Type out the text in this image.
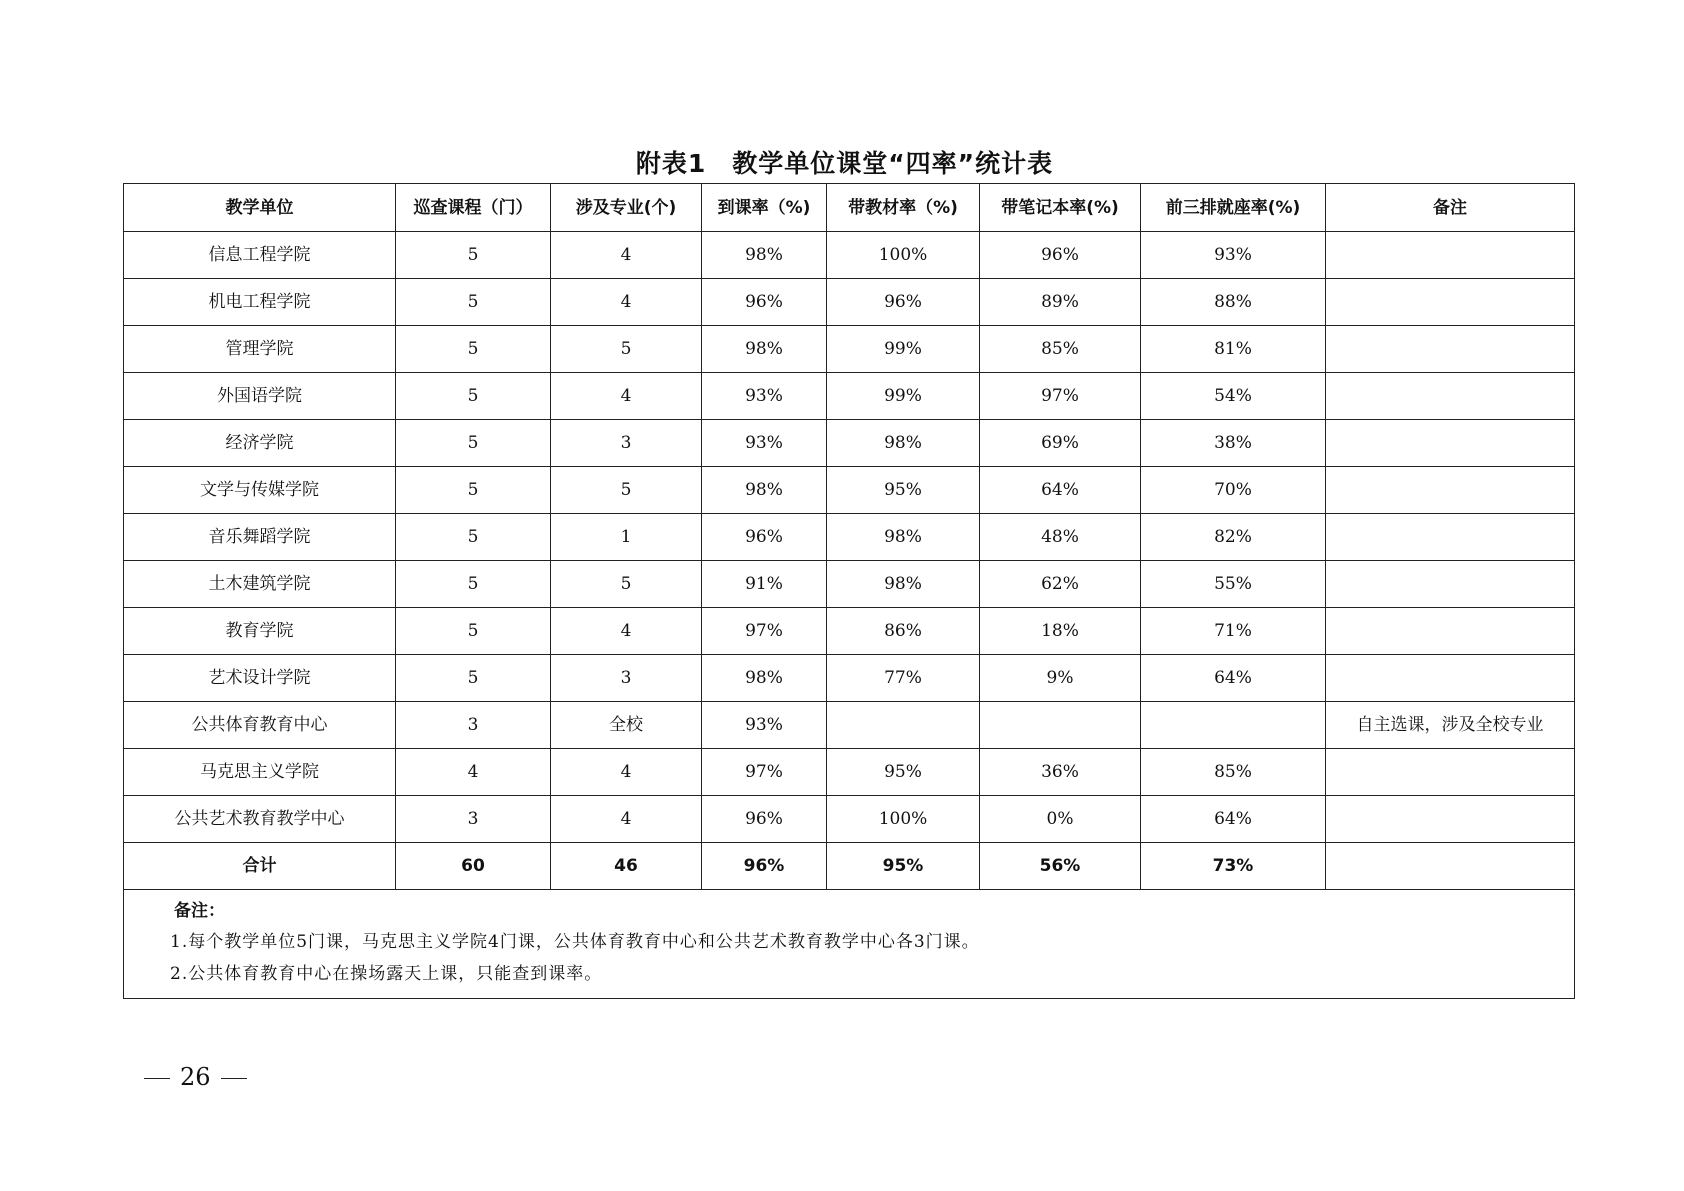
附表1　教学单位课堂“四率”统计表
教学单位	巡查课程（门）	涉及专业(个)	到课率（%)	带教材率（%)	带笔记本率(%)	前三排就座率(%)	备注
信息工程学院	5	4	98%	100%	96%	93%	
机电工程学院	5	4	96%	96%	89%	88%	
管理学院	5	5	98%	99%	85%	81%	
外国语学院	5	4	93%	99%	97%	54%	
经济学院	5	3	93%	98%	69%	38%	
文学与传媒学院	5	5	98%	95%	64%	70%	
音乐舞蹈学院	5	1	96%	98%	48%	82%	
土木建筑学院	5	5	91%	98%	62%	55%	
教育学院	5	4	97%	86%	18%	71%	
艺术设计学院	5	3	98%	77%	9%	64%	
公共体育教育中心	3	全校	93%				自主选课，涉及全校专业
马克思主义学院	4	4	97%	95%	36%	85%	
公共艺术教育教学中心	3	4	96%	100%	0%	64%	
合计	60	46	96%	95%	56%	73%	

备注：
1.每个教学单位5门课，马克思主义学院4门课，公共体育教育中心和公共艺术教育教学中心各3门课。
2.公共体育教育中心在操场露天上课，只能查到课率。							
26
